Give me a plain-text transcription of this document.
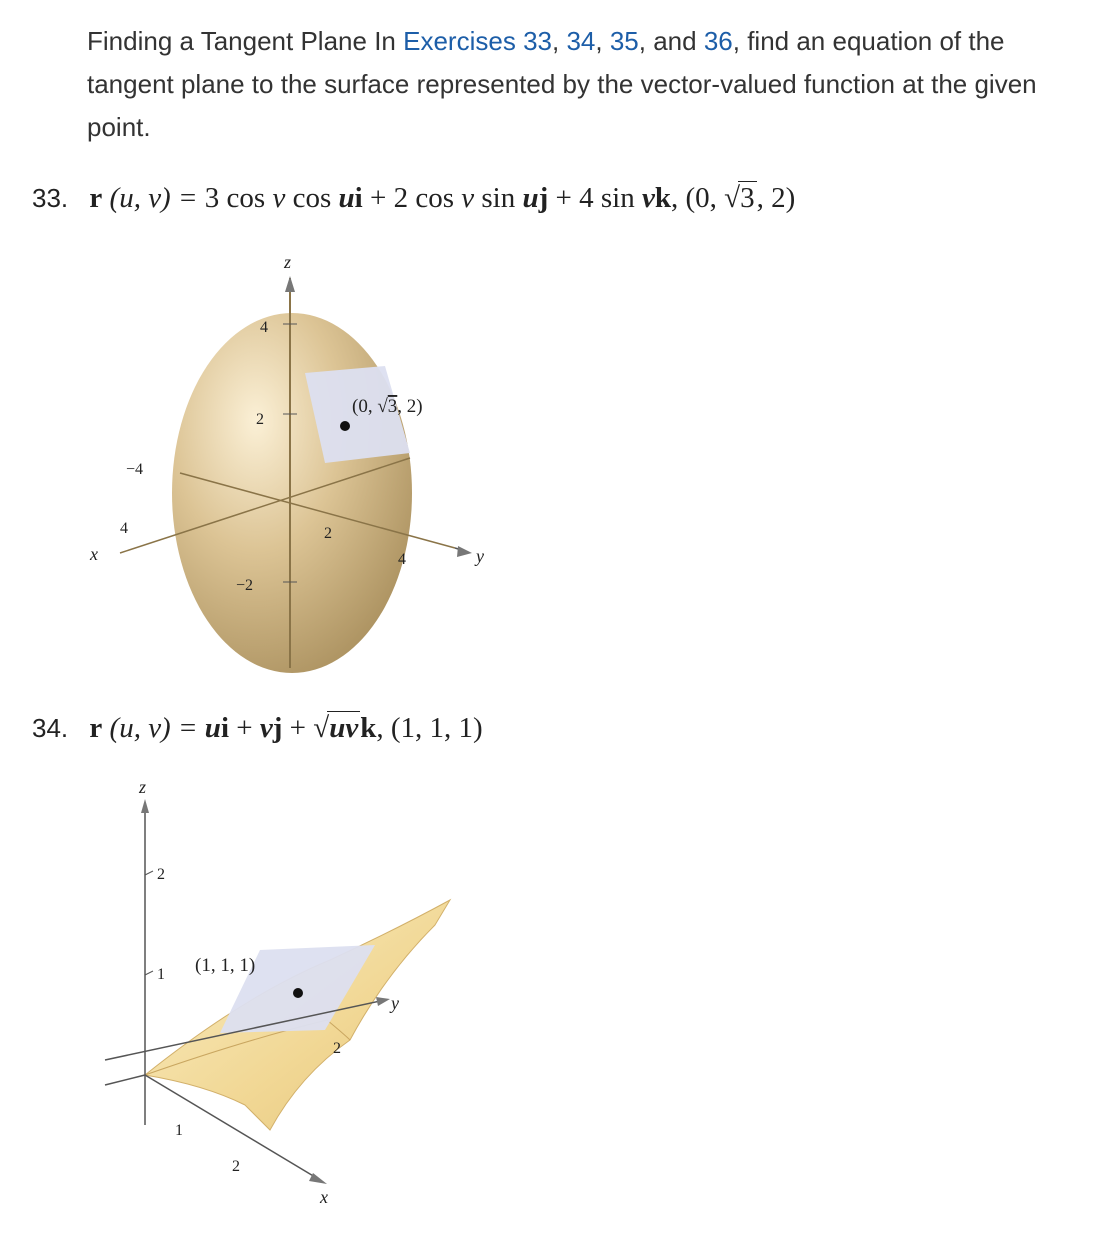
Finding a Tangent Plane In Exercises 33, 34, 35, and 36, find an equation of the tangent plane to the surface represented by the vector-valued function at the given point.
33. r (u, v) = 3 cos v cos ui + 2 cos v sin uj + 4 sin vk, (0, √3, 2)
z
x	y
4
2
−2
−4
4	2
4
(0, √3, 2)
34. r (u, v) = ui + vj + √uvk, (1, 1, 1)
z
x
y
2
1 (1, 1, 1)
2
1
2
